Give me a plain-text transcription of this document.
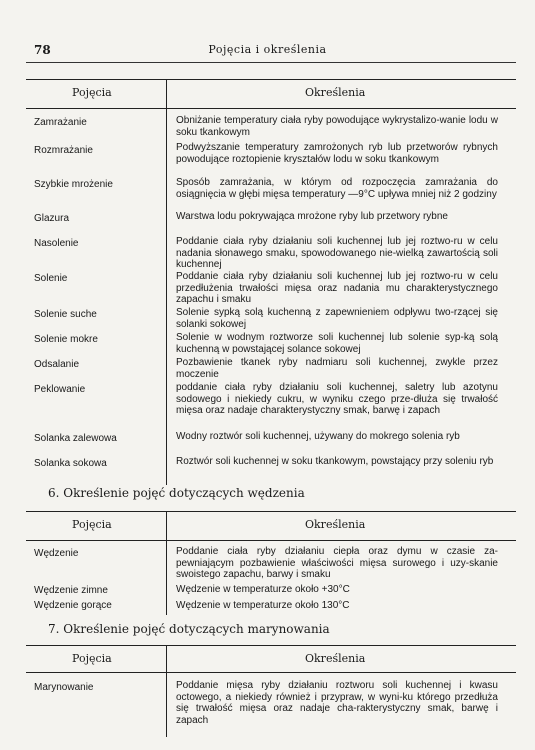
78	Pojęcia i określenia
Pojęcia	Określenia
Zamrażanie	Obniżanie temperatury ciała ryby powodujące wykrystalizo-wanie lodu w soku tkankowym
Rozmrażanie	Podwyższanie temperatury zamrożonych ryb lub przetworów rybnych powodujące roztopienie kryształów lodu w soku tkankowym
Szybkie mrożenie	Sposób zamrażania, w którym od rozpoczęcia zamrażania do osiągnięcia w głębi mięsa temperatury —9°C upływa mniej niż 2 godziny
Glazura	Warstwa lodu pokrywająca mrożone ryby lub przetwory rybne
Nasolenie	Poddanie ciała ryby działaniu soli kuchennej lub jej roztwo-ru w celu nadania słonawego smaku, spowodowanego nie-wielką zawartością soli kuchennej
Solenie	Poddanie ciała ryby działaniu soli kuchennej lub jej roztwo-ru w celu przedłużenia trwałości mięsa oraz nadania mu charakterystycznego zapachu i smaku
Solenie suche	Solenie sypką solą kuchenną z zapewnieniem odpływu two-rzącej się solanki sokowej
Solenie mokre	Solenie w wodnym roztworze soli kuchennej lub solenie syp-ką solą kuchenną w powstającej solance sokowej
Odsalanie	Pozbawienie tkanek ryby nadmiaru soli kuchennej, zwykle przez moczenie
Peklowanie	poddanie ciała ryby działaniu soli kuchennej, saletry lub azotynu sodowego i niekiedy cukru, w wyniku czego prze-dłuża się trwałość mięsa oraz nadaje charakterystyczny smak, barwę i zapach
Solanka zalewowa	Wodny roztwór soli kuchennej, używany do mokrego solenia ryb
Solanka sokowa	Roztwór soli kuchennej w soku tkankowym, powstający przy soleniu ryb
6. Określenie pojęć dotyczących wędzenia
Pojęcia	Określenia
Wędzenie	Poddanie ciała ryby działaniu ciepła oraz dymu w czasie za-pewniającym pozbawienie właściwości mięsa surowego i uzy-skanie swoistego zapachu, barwy i smaku
Wędzenie zimne	Wędzenie w temperaturze około +30°C
Wędzenie gorące	Wędzenie w temperaturze około 130°C
7. Określenie pojęć dotyczących marynowania
Pojęcia	Określenia
Marynowanie	Poddanie mięsa ryby działaniu roztworu soli kuchennej i kwasu octowego, a niekiedy również i przypraw, w wyni-ku którego przedłuża się trwałość mięsa oraz nadaje cha-rakterystyczny smak, barwę i zapach
